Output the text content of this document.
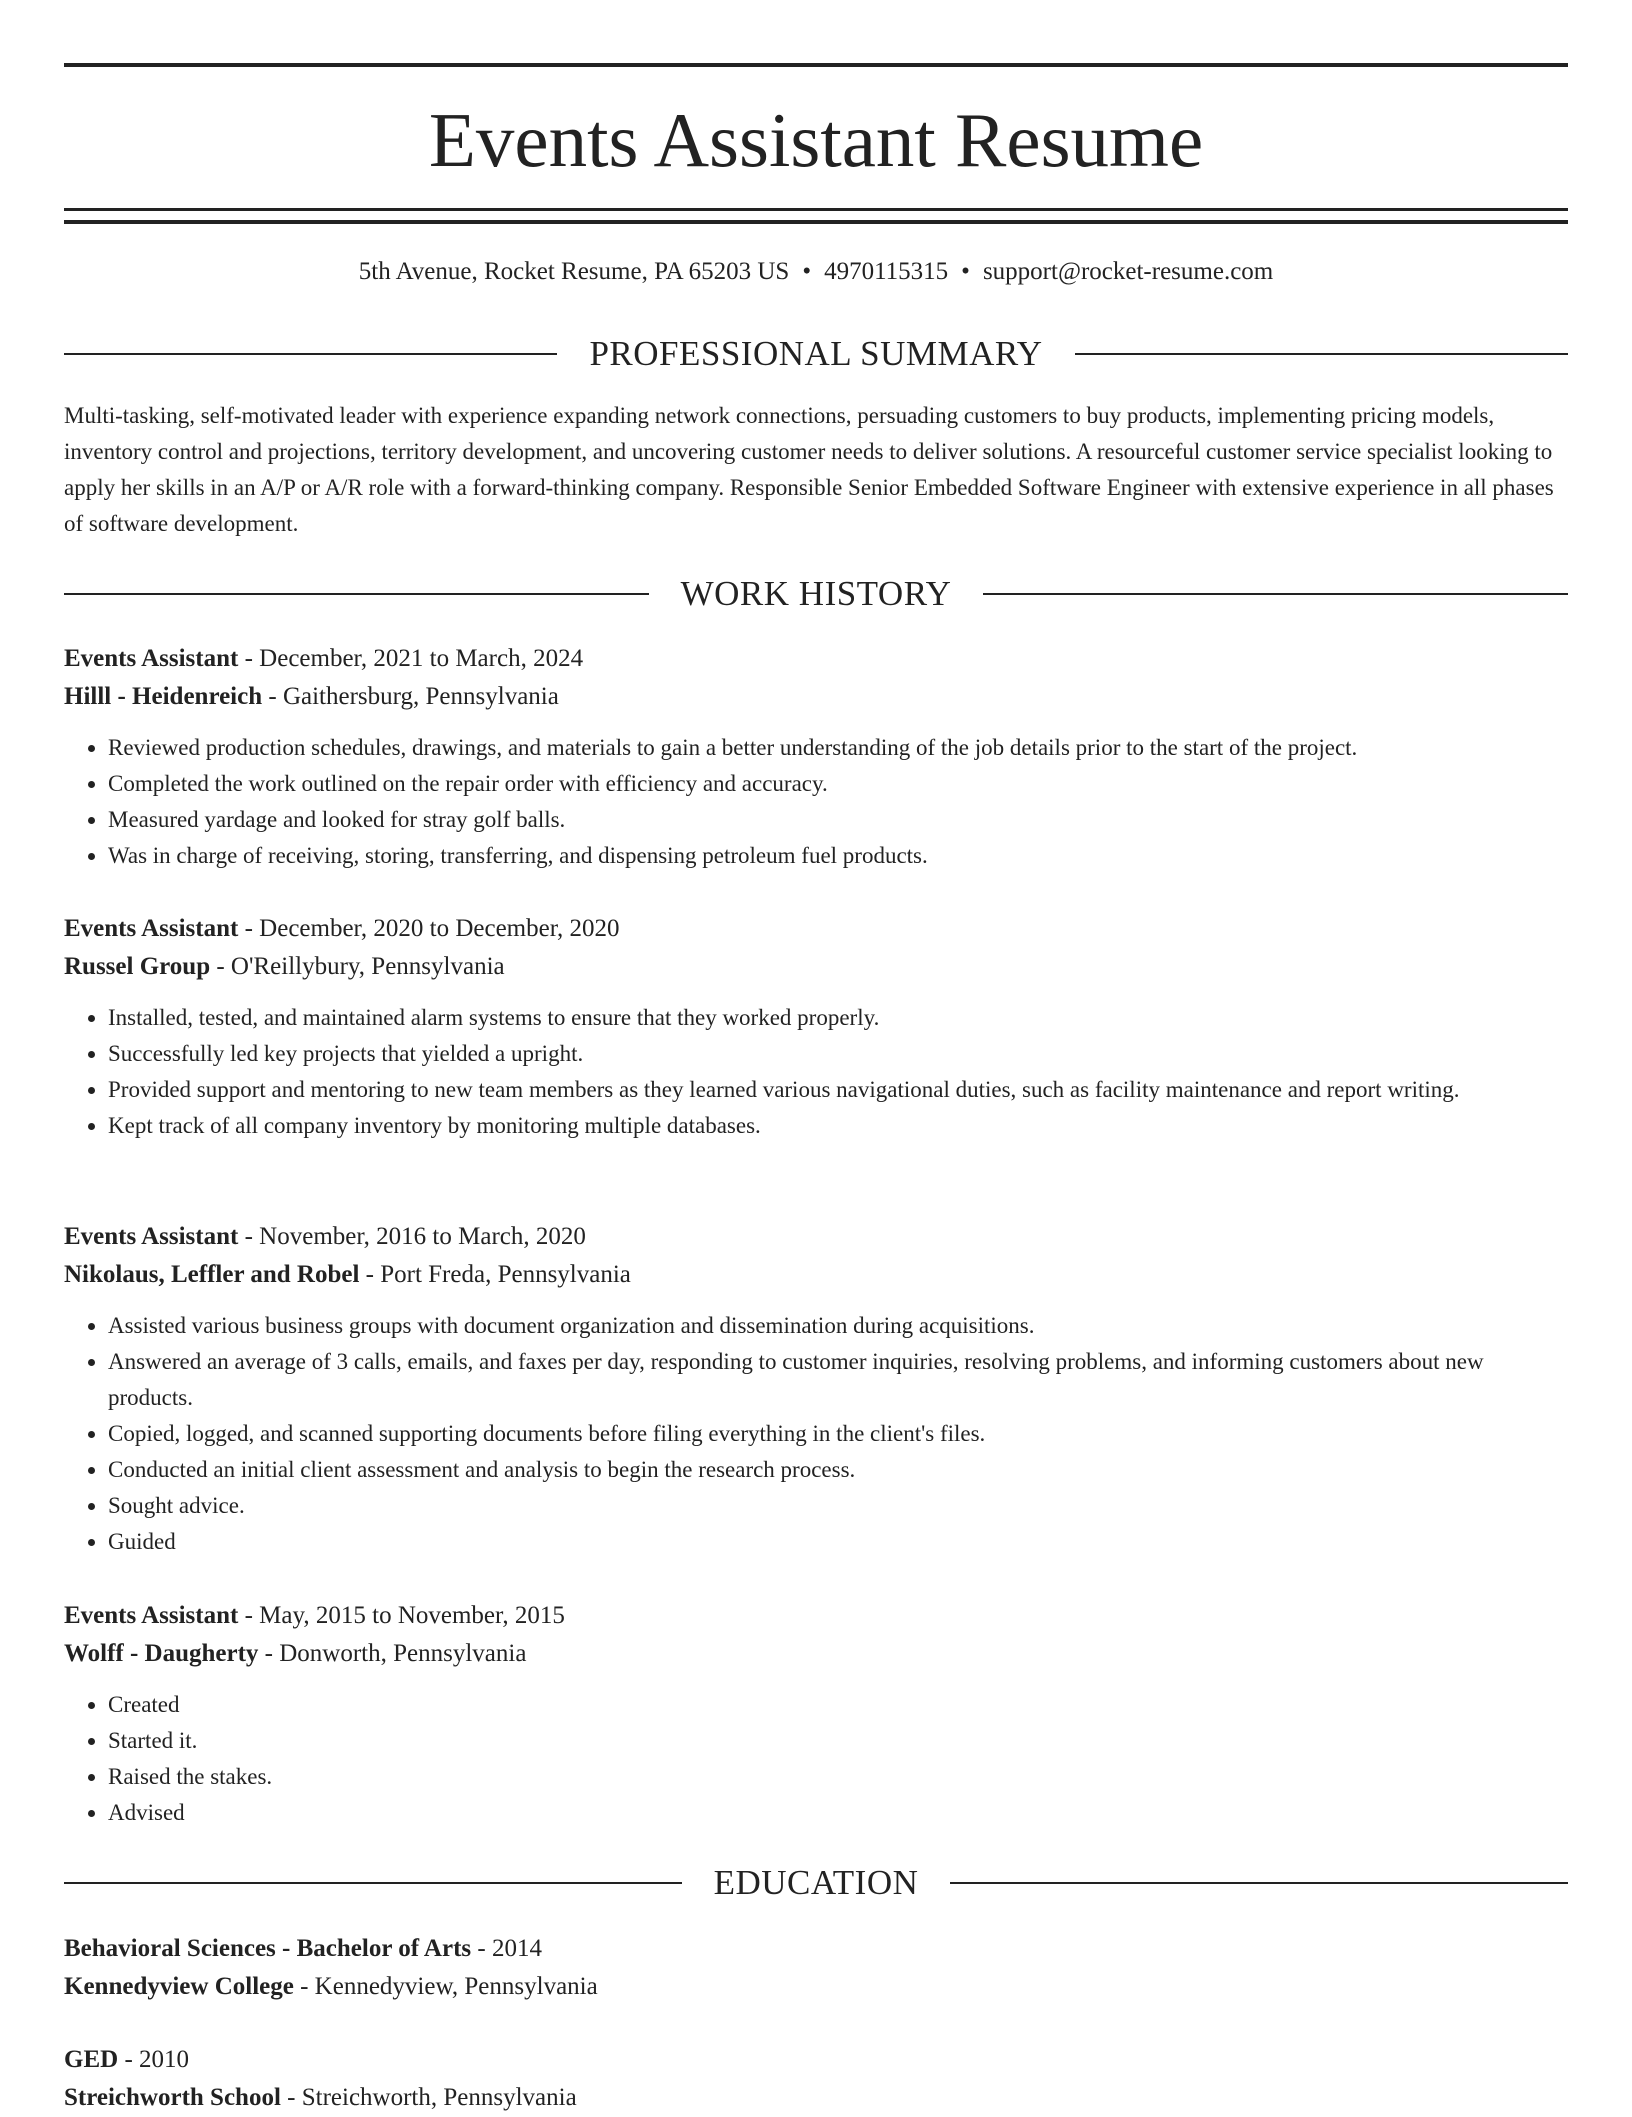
Events Assistant Resume
5th Avenue, Rocket Resume, PA 65203 US • 4970115315 • support@rocket-resume.com
PROFESSIONAL SUMMARY

Multi-tasking, self-motivated leader with experience expanding network connections, persuading customers to buy products, implementing pricing models, inventory control and projections, territory development, and uncovering customer needs to deliver solutions. A resourceful customer service specialist looking to apply her skills in an A/P or A/R role with a forward-thinking company. Responsible Senior Embedded Software Engineer with extensive experience in all phases of software development.

WORK HISTORY

Events Assistant - December, 2021 to March, 2024

Hilll - Heidenreich - Gaithersburg, Pennsylvania

• Reviewed production schedules, drawings, and materials to gain a better understanding of the job details prior to the start of the project.
• Completed the work outlined on the repair order with efficiency and accuracy.
• Measured yardage and looked for stray golf balls.
• Was in charge of receiving, storing, transferring, and dispensing petroleum fuel products.

Events Assistant - December, 2020 to December, 2020

Russel Group - O'Reillybury, Pennsylvania

• Installed, tested, and maintained alarm systems to ensure that they worked properly.
• Successfully led key projects that yielded a upright.
• Provided support and mentoring to new team members as they learned various navigational duties, such as facility maintenance and report writing.
• Kept track of all company inventory by monitoring multiple databases.

Events Assistant - November, 2016 to March, 2020

Nikolaus, Leffler and Robel - Port Freda, Pennsylvania

• Assisted various business groups with document organization and dissemination during acquisitions.
• Answered an average of 3 calls, emails, and faxes per day, responding to customer inquiries, resolving problems, and informing customers about new products.
• Copied, logged, and scanned supporting documents before filing everything in the client's files.
• Conducted an initial client assessment and analysis to begin the research process.
• Sought advice.
• Guided

Events Assistant - May, 2015 to November, 2015

Wolff - Daugherty - Donworth, Pennsylvania

• Created
• Started it.
• Raised the stakes.
• Advised
EDUCATION

Behavioral Sciences - Bachelor of Arts - 2014

Kennedyview College - Kennedyview, Pennsylvania

GED - 2010

Streichworth School - Streichworth, Pennsylvania
